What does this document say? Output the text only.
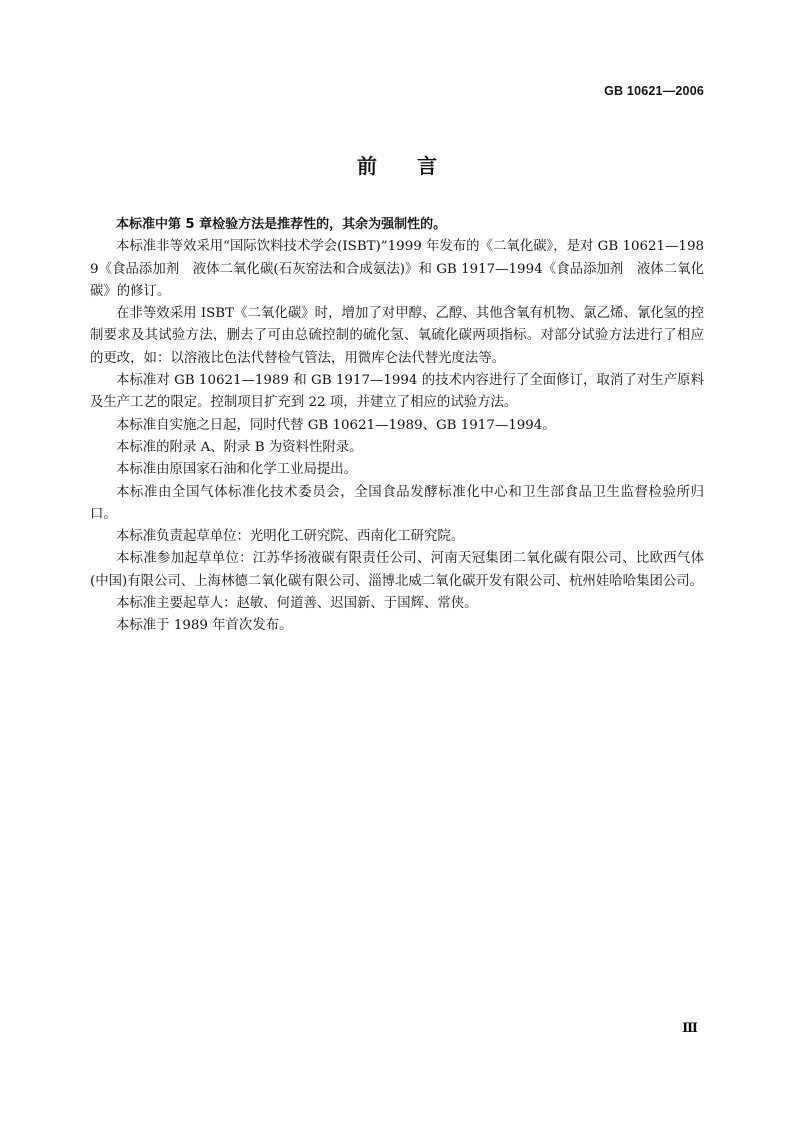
GB 10621—2006
前 言

本标准中第 5 章检验方法是推荐性的，其余为强制性的。

本标准非等效采用“国际饮料技术学会(ISBT)”1999 年发布的《二氧化碳》，是对 GB 10621—1989《食品添加剂　液体二氧化碳(石灰窑法和合成氨法)》和 GB 1917—1994《食品添加剂　液体二氧化碳》的修订。

在非等效采用 ISBT《二氧化碳》时，增加了对甲醇、乙醇、其他含氧有机物、氯乙烯、氰化氢的控制要求及其试验方法，删去了可由总硫控制的硫化氢、氧硫化碳两项指标。对部分试验方法进行了相应的更改，如：以溶液比色法代替检气管法，用微库仑法代替光度法等。

本标准对 GB 10621—1989 和 GB 1917—1994 的技术内容进行了全面修订，取消了对生产原料及生产工艺的限定。控制项目扩充到 22 项，并建立了相应的试验方法。

本标准自实施之日起，同时代替 GB 10621—1989、GB 1917—1994。

本标准的附录 A、附录 B 为资料性附录。

本标准由原国家石油和化学工业局提出。

本标准由全国气体标准化技术委员会，全国食品发酵标准化中心和卫生部食品卫生监督检验所归口。

本标准负责起草单位：光明化工研究院、西南化工研究院。

本标准参加起草单位：江苏华扬液碳有限责任公司、河南天冠集团二氧化碳有限公司、比欧西气体(中国)有限公司、上海林德二氧化碳有限公司、淄博北威二氧化碳开发有限公司、杭州娃哈哈集团公司。

本标准主要起草人：赵敏、何道善、迟国新、于国辉、常侠。

本标准于 1989 年首次发布。

Ⅲ
